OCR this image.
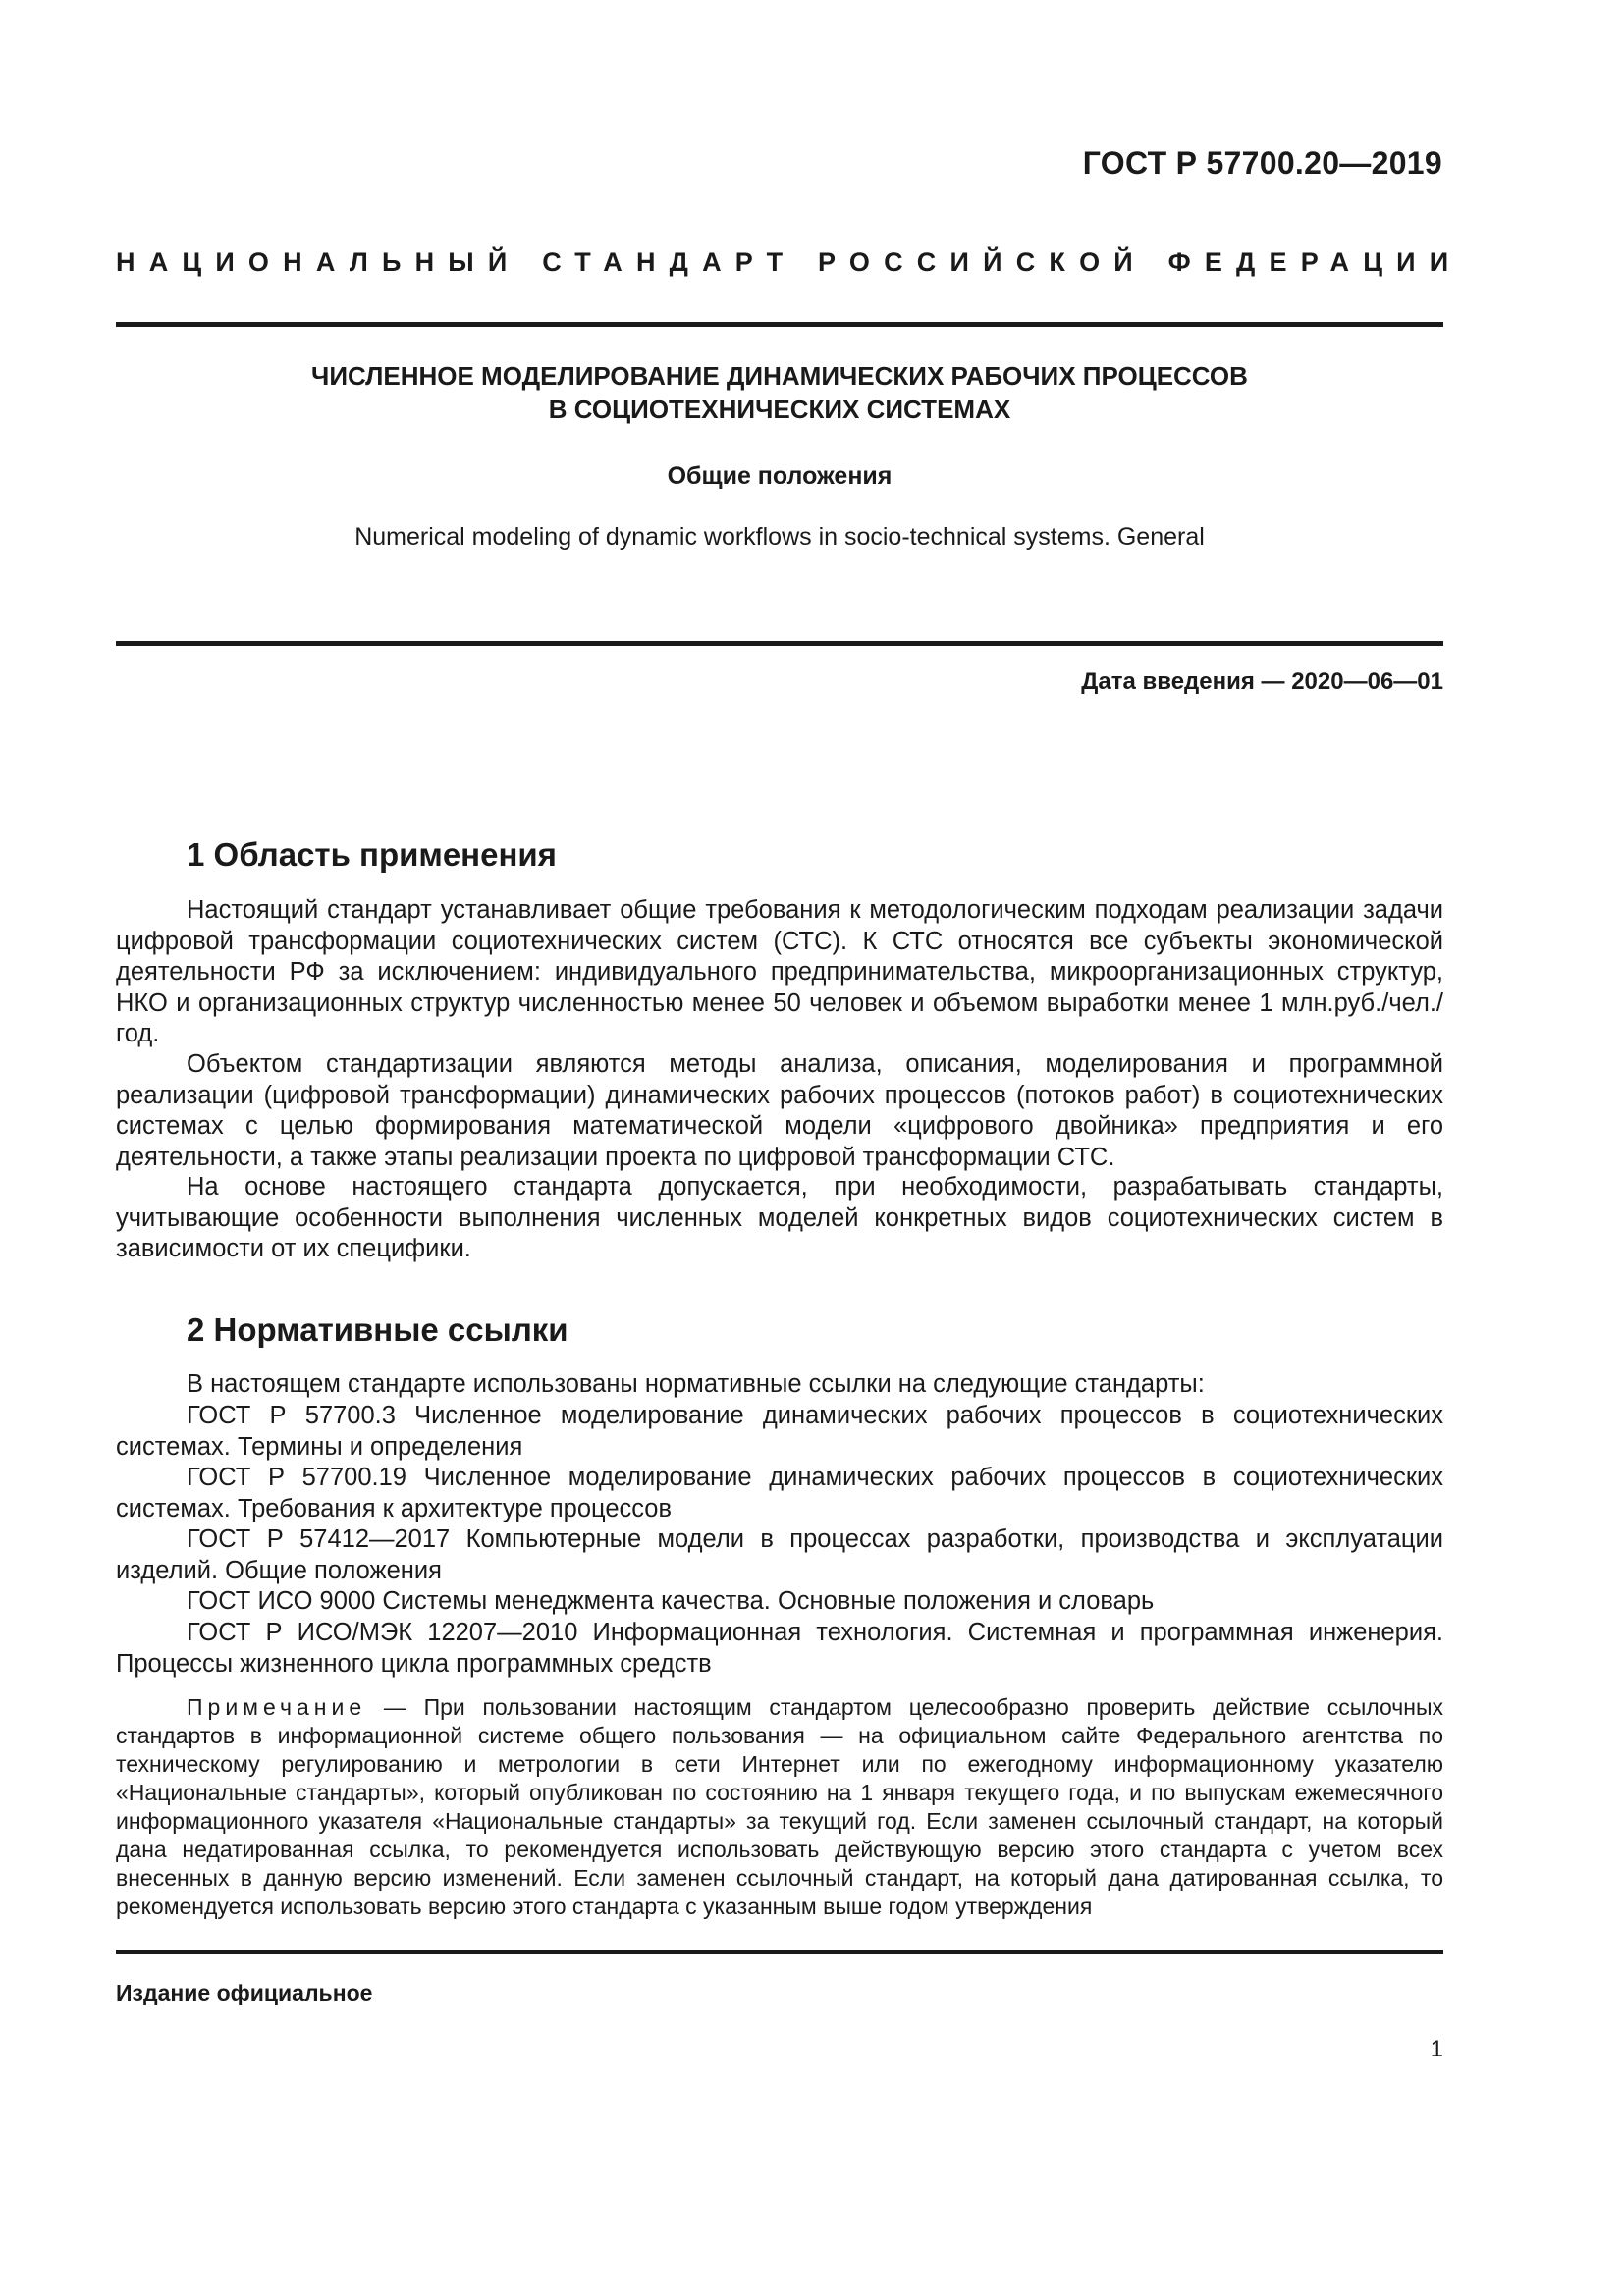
ГОСТ Р 57700.20—2019
НАЦИОНАЛЬНЫЙ СТАНДАРТ РОССИЙСКОЙ ФЕДЕРАЦИИ
ЧИСЛЕННОЕ МОДЕЛИРОВАНИЕ ДИНАМИЧЕСКИХ РАБОЧИХ ПРОЦЕССОВ
В СОЦИОТЕХНИЧЕСКИХ СИСТЕМАХ
Общие положения
Numerical modeling of dynamic workflows in socio-technical systems. General
Дата введения — 2020—06—01
1 Область применения

Настоящий стандарт устанавливает общие требования к методологическим подходам реализации задачи цифровой трансформации социотехнических систем (СТС). К СТС относятся все субъекты экономической деятельности РФ за исключением: индивидуального предпринимательства, микроорганизационных структур, НКО и организационных структур численностью менее 50 человек и объемом выработки менее 1 млн.руб./чел./год.

Объектом стандартизации являются методы анализа, описания, моделирования и программной реализации (цифровой трансформации) динамических рабочих процессов (потоков работ) в социотехнических системах с целью формирования математической модели «цифрового двойника» предприятия и его деятельности, а также этапы реализации проекта по цифровой трансформации СТС.

На основе настоящего стандарта допускается, при необходимости, разрабатывать стандарты, учитывающие особенности выполнения численных моделей конкретных видов социотехнических систем в зависимости от их специфики.

2 Нормативные ссылки

В настоящем стандарте использованы нормативные ссылки на следующие стандарты:

ГОСТ Р 57700.3 Численное моделирование динамических рабочих процессов в социотехнических системах. Термины и определения

ГОСТ Р 57700.19 Численное моделирование динамических рабочих процессов в социотехнических системах. Требования к архитектуре процессов

ГОСТ Р 57412—2017 Компьютерные модели в процессах разработки, производства и эксплуатации изделий. Общие положения

ГОСТ ИСО 9000 Системы менеджмента качества. Основные положения и словарь

ГОСТ Р ИСО/МЭК 12207—2010 Информационная технология. Системная и программная инженерия. Процессы жизненного цикла программных средств

Примечание — При пользовании настоящим стандартом целесообразно проверить действие ссылочных стандартов в информационной системе общего пользования — на официальном сайте Федерального агентства по техническому регулированию и метрологии в сети Интернет или по ежегодному информационному указателю «Национальные стандарты», который опубликован по состоянию на 1 января текущего года, и по выпускам ежемесячного информационного указателя «Национальные стандарты» за текущий год. Если заменен ссылочный стандарт, на который дана недатированная ссылка, то рекомендуется использовать действующую версию этого стандарта с учетом всех внесенных в данную версию изменений. Если заменен ссылочный стандарт, на который дана датированная ссылка, то рекомендуется использовать версию этого стандарта с указанным выше годом утверждения

Издание официальное
1
